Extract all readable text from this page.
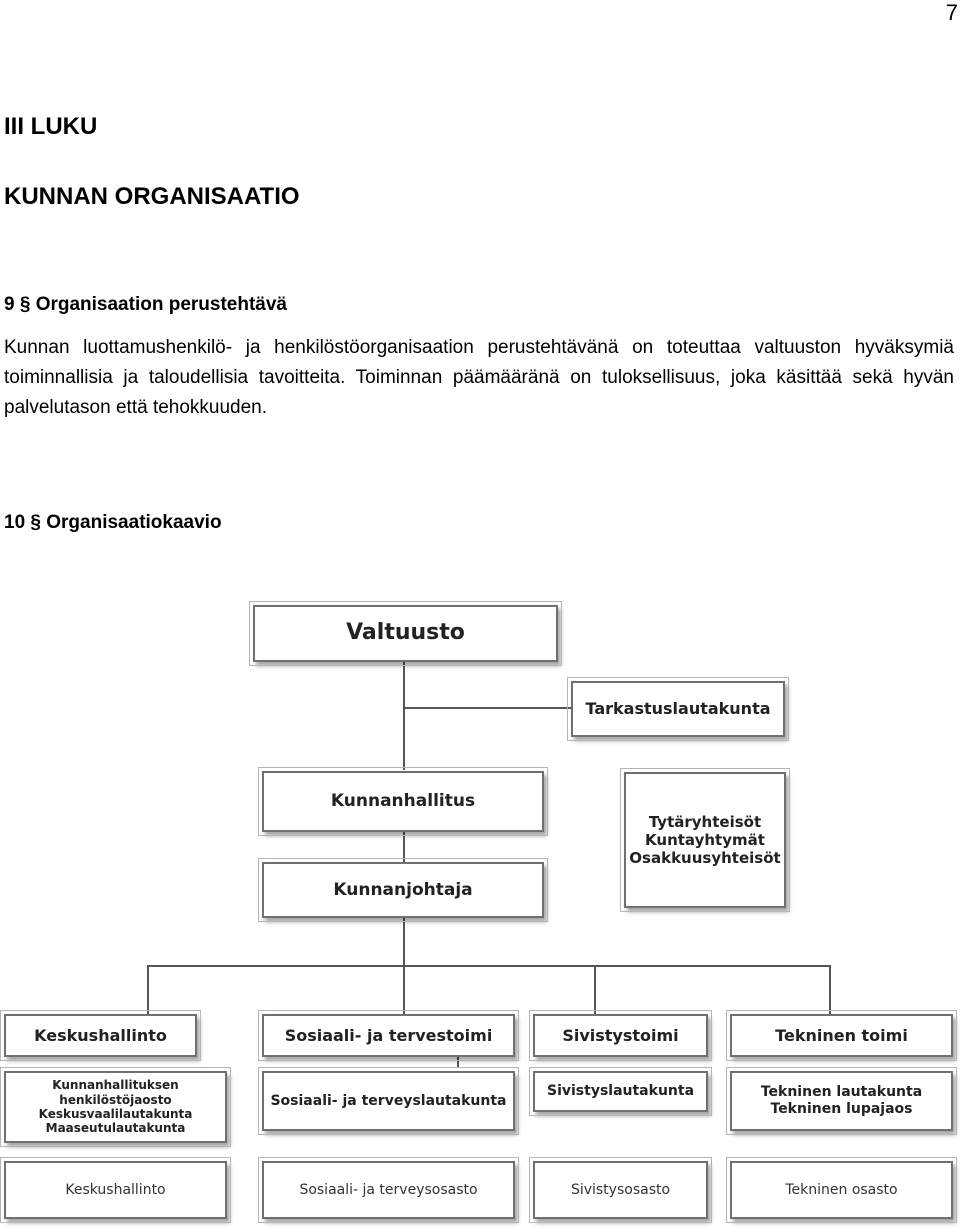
7
III LUKU
KUNNAN ORGANISAATIO
9 § Organisaation perustehtävä

Kunnan luottamushenkilö- ja henkilöstöorganisaation perustehtävänä on toteuttaa valtuuston hyväksymiä toiminnallisia ja taloudellisia tavoitteita. Toiminnan päämääränä on tuloksellisuus, joka käsittää sekä hyvän palvelutason että tehokkuuden.

10 § Organisaatiokaavio
Valtuusto
Tarkastuslautakunta
Kunnanhallitus
Kunnanjohtaja
Tytäryhteisöt
Kuntayhtymät
Osakkuusyhteisöt
Keskushallinto	Sosiaali- ja tervestoimi	Sivistystoimi	Tekninen toimi
Kunnanhallituksen henkilöstöjaosto
Keskusvaalilautakunta
Maaseutulautakunta
Sosiaali- ja terveyslautakunta
Sivistyslautakunta	Tekninen lautakunta
Tekninen lupajaos
Keskushallinto	Sosiaali- ja terveysosasto	Sivistysosasto	Tekninen osasto
